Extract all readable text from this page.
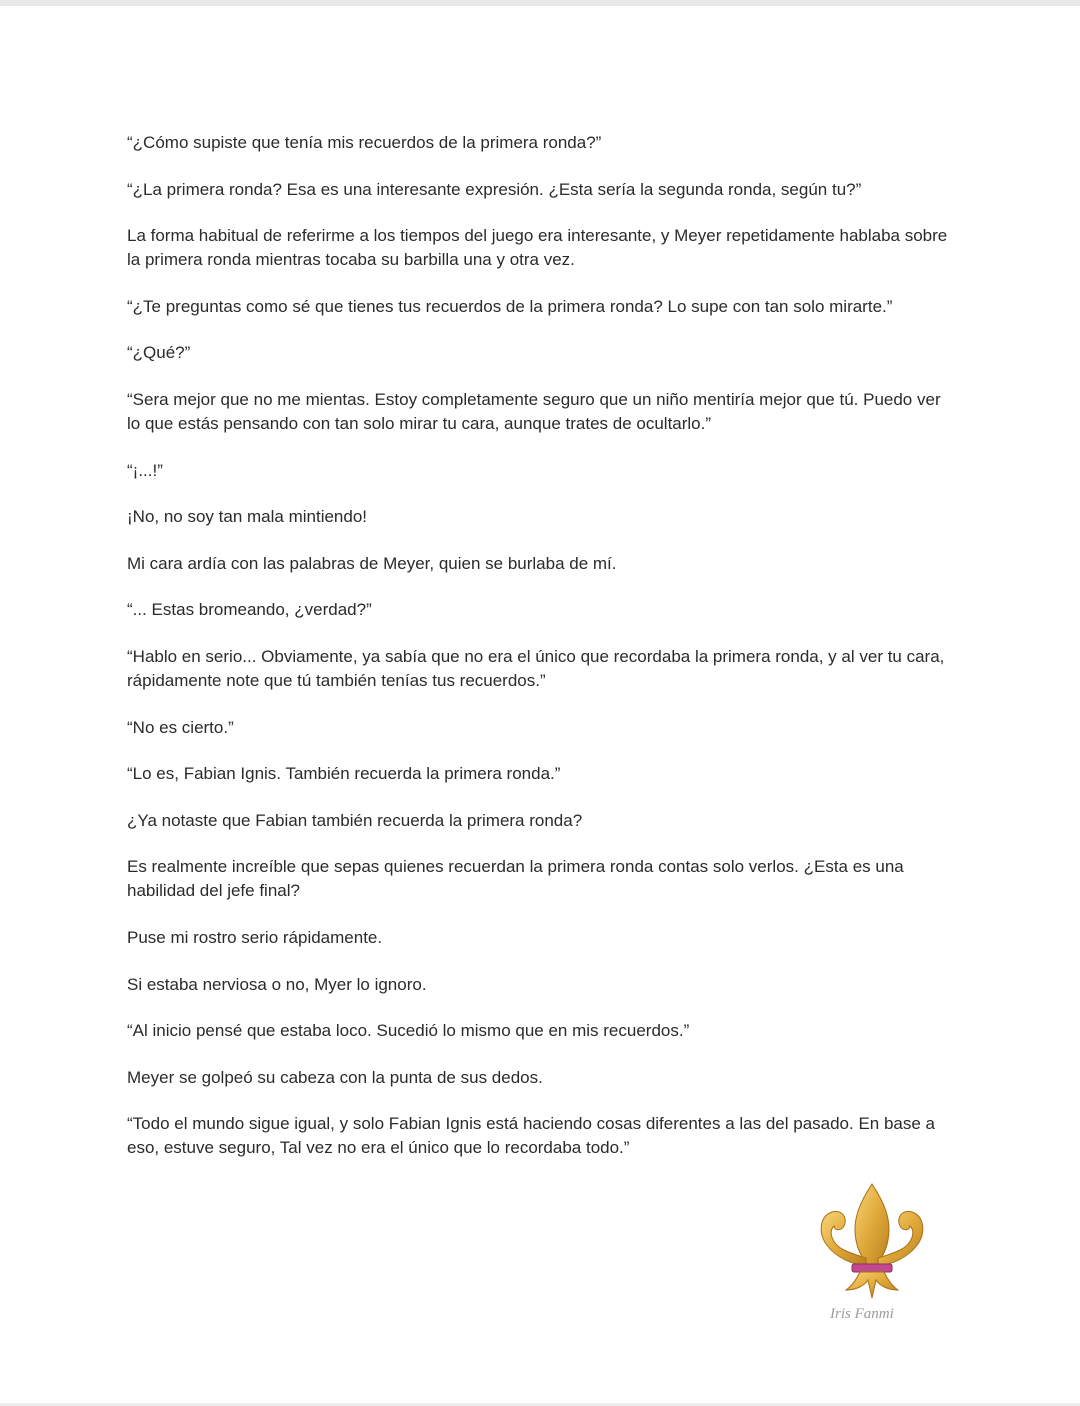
“¿Cómo supiste que tenía mis recuerdos de la primera ronda?”

“¿La primera ronda? Esa es una interesante expresión. ¿Esta sería la segunda ronda, según tu?”

La forma habitual de referirme a los tiempos del juego era interesante, y Meyer repetidamente hablaba sobre la primera ronda mientras tocaba su barbilla una y otra vez.

“¿Te preguntas como sé que tienes tus recuerdos de la primera ronda? Lo supe con tan solo mirarte.”

“¿Qué?”

“Sera mejor que no me mientas. Estoy completamente seguro que un niño mentiría mejor que tú. Puedo ver lo que estás pensando con tan solo mirar tu cara, aunque trates de ocultarlo.”

“¡...!”

¡No, no soy tan mala mintiendo!

Mi cara ardía con las palabras de Meyer, quien se burlaba de mí.

“... Estas bromeando, ¿verdad?”

“Hablo en serio... Obviamente, ya sabía que no era el único que recordaba la primera ronda, y al ver tu cara, rápidamente note que tú también tenías tus recuerdos.”

“No es cierto.”

“Lo es, Fabian Ignis. También recuerda la primera ronda.”

¿Ya notaste que Fabian también recuerda la primera ronda?

Es realmente increíble que sepas quienes recuerdan la primera ronda contas solo verlos. ¿Esta es una habilidad del jefe final?

Puse mi rostro serio rápidamente.

Si estaba nerviosa o no, Myer lo ignoro.

“Al inicio pensé que estaba loco. Sucedió lo mismo que en mis recuerdos.”

Meyer se golpeó su cabeza con la punta de sus dedos.

“Todo el mundo sigue igual, y solo Fabian Ignis está haciendo cosas diferentes a las del pasado. En base a eso, estuve seguro, Tal vez no era el único que lo recordaba todo.”

Iris Fanmi
